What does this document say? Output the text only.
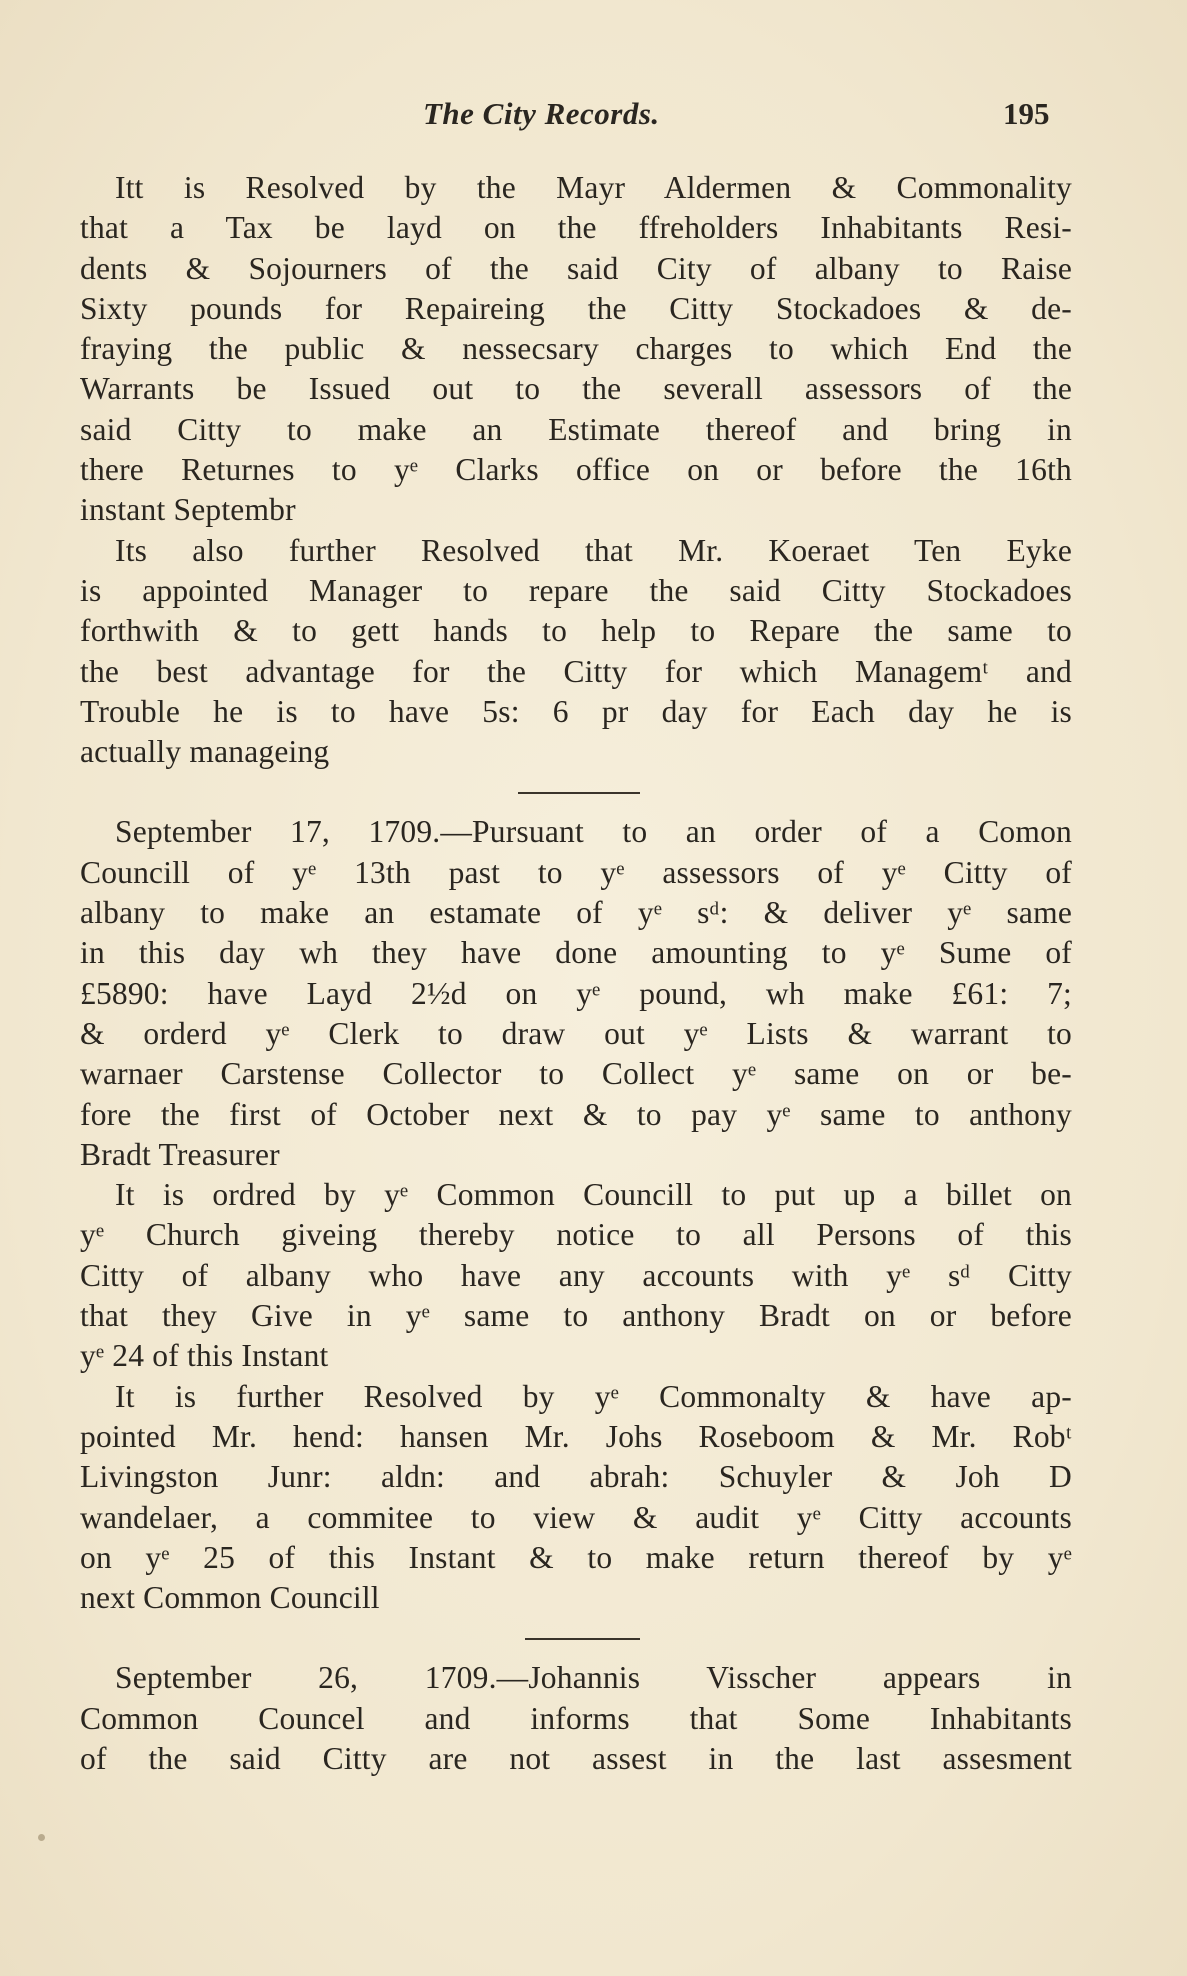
The City Records.	195
Itt is Resolved by the Mayr Aldermen & Commonality
that a Tax be layd on the ffreholders Inhabitants Resi-
dents & Sojourners of the said City of albany to Raise
Sixty pounds for Repaireing the Citty Stockadoes & de-
fraying the public & nessecsary charges to which End the
Warrants be Issued out to the severall assessors of the
said Citty to make an Estimate thereof and bring in
there Returnes to yᵉ Clarks office on or before the 16th
instant Septembr
Its also further Resolved that Mr. Koeraet Ten Eyke
is appointed Manager to repare the said Citty Stockadoes
forthwith & to gett hands to help to Repare the same to
the best advantage for the Citty for which Managemᵗ and
Trouble he is to have 5s: 6 pr day for Each day he is
actually manageing
September 17, 1709.—Pursuant to an order of a Comon
Councill of yᵉ 13th past to yᵉ assessors of yᵉ Citty of
albany to make an estamate of yᵉ sᵈ: & deliver yᵉ same
in this day wh they have done amounting to yᵉ Sume of
£5890: have Layd 2½d on yᵉ pound, wh make £61: 7;
& orderd yᵉ Clerk to draw out yᵉ Lists & warrant to
warnaer Carstense Collector to Collect yᵉ same on or be-
fore the first of October next & to pay yᵉ same to anthony
Bradt Treasurer
It is ordred by yᵉ Common Councill to put up a billet on
yᵉ Church giveing thereby notice to all Persons of this
Citty of albany who have any accounts with yᵉ sᵈ Citty
that they Give in yᵉ same to anthony Bradt on or before
yᵉ 24 of this Instant
It is further Resolved by yᵉ Commonalty & have ap-
pointed Mr. hend: hansen Mr. Johs Roseboom & Mr. Robᵗ
Livingston Junr: aldn: and abrah: Schuyler & Joh D
wandelaer, a commitee to view & audit yᵉ Citty accounts
on yᵉ 25 of this Instant & to make return thereof by yᵉ
next Common Councill
September 26, 1709.—Johannis Visscher appears in
Common Councel and informs that Some Inhabitants
of the said Citty are not assest in the last assesment
